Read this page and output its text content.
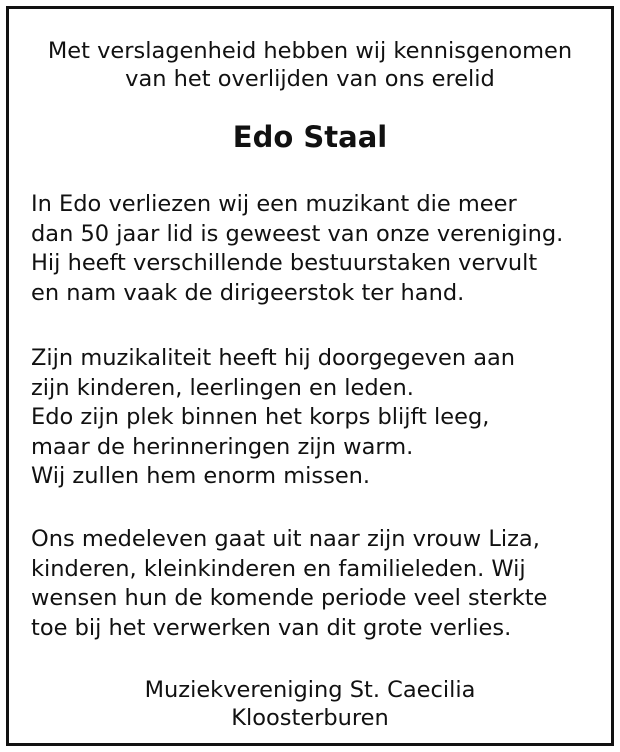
Met verslagenheid hebben wij kennisgenomen
van het overlijden van ons erelid
Edo Staal
In Edo verliezen wij een muzikant die meer
dan 50 jaar lid is geweest van onze vereniging.
Hij heeft verschillende bestuurstaken vervult
en nam vaak de dirigeerstok ter hand.
Zijn muzikaliteit heeft hij doorgegeven aan
zijn kinderen, leerlingen en leden.
Edo zijn plek binnen het korps blijft leeg,
maar de herinneringen zijn warm.
Wij zullen hem enorm missen.
Ons medeleven gaat uit naar zijn vrouw Liza,
kinderen, kleinkinderen en familieleden. Wij
wensen hun de komende periode veel sterkte
toe bij het verwerken van dit grote verlies.
Muziekvereniging St. Caecilia
Kloosterburen
